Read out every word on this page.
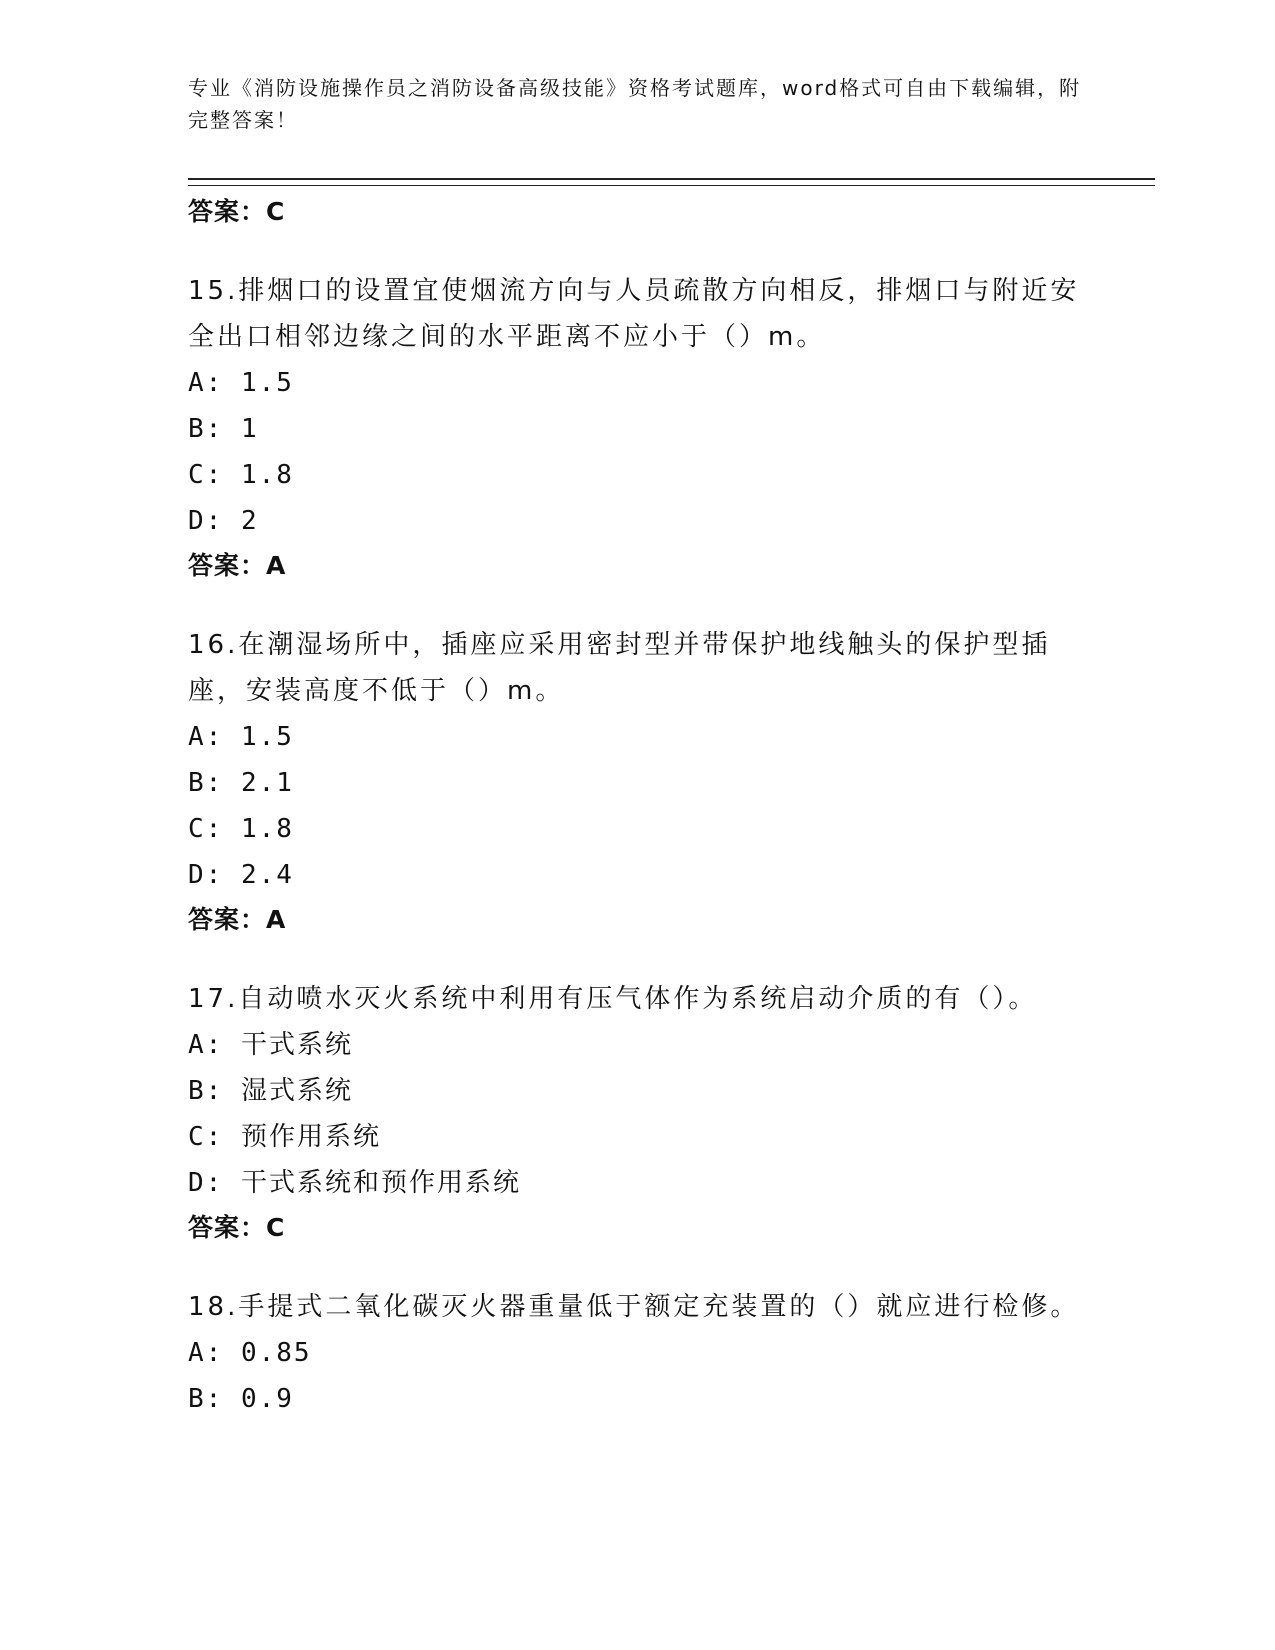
专业《消防设施操作员之消防设备高级技能》资格考试题库，word格式可自由下载编辑，附完整答案！
答案：C
15.排烟口的设置宜使烟流方向与人员疏散方向相反，排烟口与附近安全出口相邻边缘之间的水平距离不应小于（）m。
A: 1.5
B: 1
C: 1.8
D: 2
答案：A
16.在潮湿场所中，插座应采用密封型并带保护地线触头的保护型插座，安装高度不低于（）m。
A: 1.5
B: 2.1
C: 1.8
D: 2.4
答案：A
17.自动喷水灭火系统中利用有压气体作为系统启动介质的有（）。
A: 干式系统
B: 湿式系统
C: 预作用系统
D: 干式系统和预作用系统
答案：C
18.手提式二氧化碳灭火器重量低于额定充装置的（）就应进行检修。
A: 0.85
B: 0.9
